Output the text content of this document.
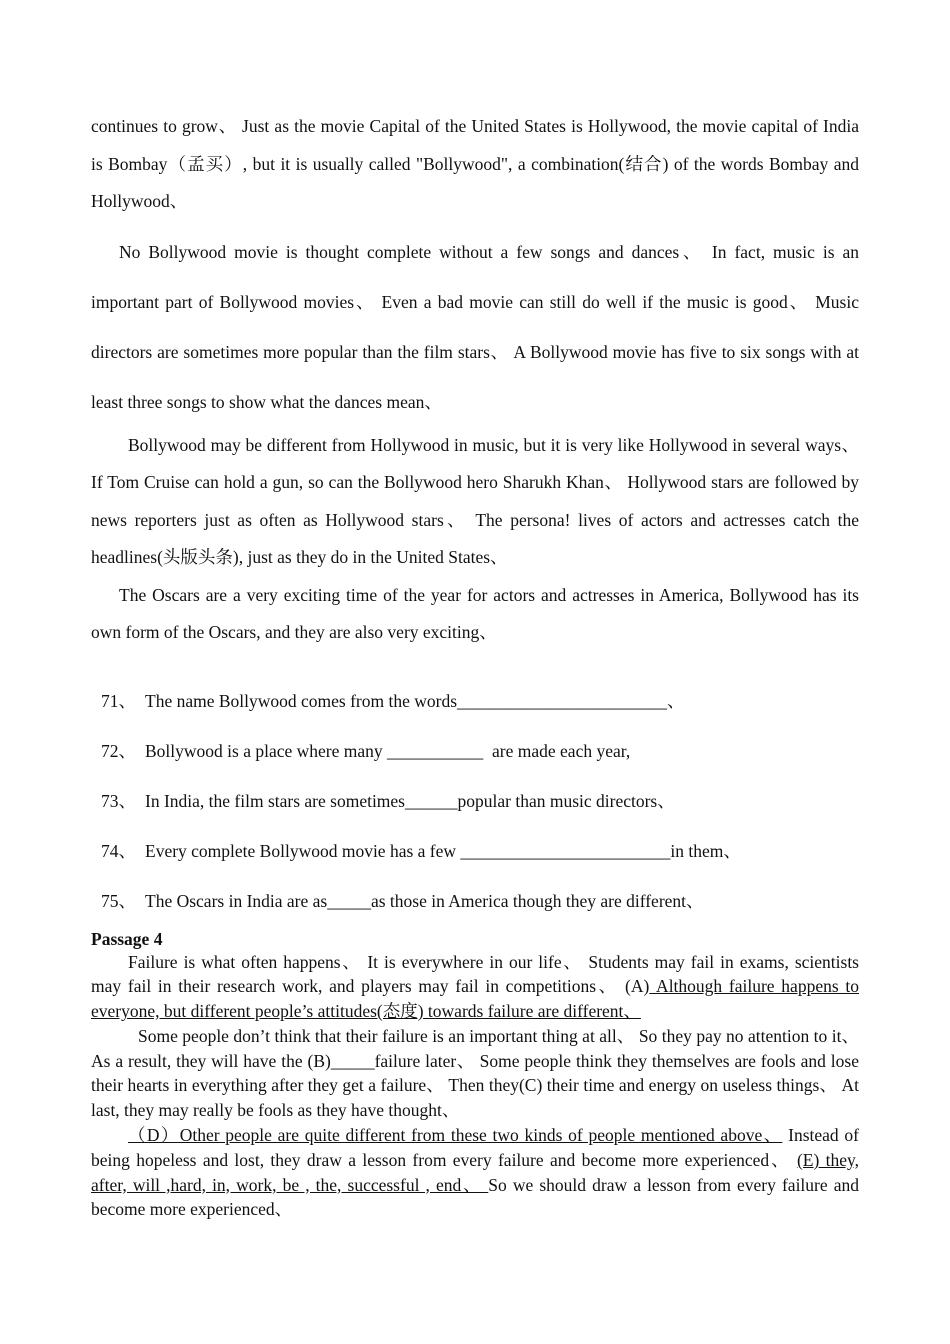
continues to grow、 Just as the movie Capital of the United States is Hollywood, the movie capital of India is Bombay（孟买）, but it is usually called "Bollywood", a combination(结合) of the words Bombay and Hollywood、

No Bollywood movie is thought complete without a few songs and dances、 In fact, music is an important part of Bollywood movies、 Even a bad movie can still do well if the music is good、 Music directors are sometimes more popular than the film stars、 A Bollywood movie has five to six songs with at least three songs to show what the dances mean、

Bollywood may be different from Hollywood in music, but it is very like Hollywood in several ways、 If Tom Cruise can hold a gun, so can the Bollywood hero Sharukh Khan、 Hollywood stars are followed by news reporters just as often as Hollywood stars、 The persona! lives of actors and actresses catch the headlines(头版头条), just as they do in the United States、

The Oscars are a very exciting time of the year for actors and actresses in America, Bollywood has its own form of the Oscars, and they are also very exciting、

71、 The name Bollywood comes from the words________________________、
72、 Bollywood is a place where many ___________  are made each year,
73、 In India, the film stars are sometimes______popular than music directors、
74、 Every complete Bollywood movie has a few ________________________in them、
75、 The Oscars in India are as_____as those in America though they are different、
Passage 4

Failure is what often happens、 It is everywhere in our life、 Students may fail in exams, scientists may fail in their research work, and players may fail in competitions、 (A) Although failure happens to everyone, but different people’s attitudes(态度) towards failure are different、

Some people don’t think that their failure is an important thing at all、 So they pay no attention to it、 As a result, they will have the (B)_____failure later、 Some people think they themselves are fools and lose their hearts in everything after they get a failure、 Then they(C) their time and energy on useless things、 At last, they may really be fools as they have thought、

（D）Other people are quite different from these two kinds of people mentioned above、 Instead of being hopeless and lost, they draw a lesson from every failure and become more experienced、 (E) they, after, will ,hard, in, work, be , the, successful , end、 So we should draw a lesson from every failure and become more experienced、
